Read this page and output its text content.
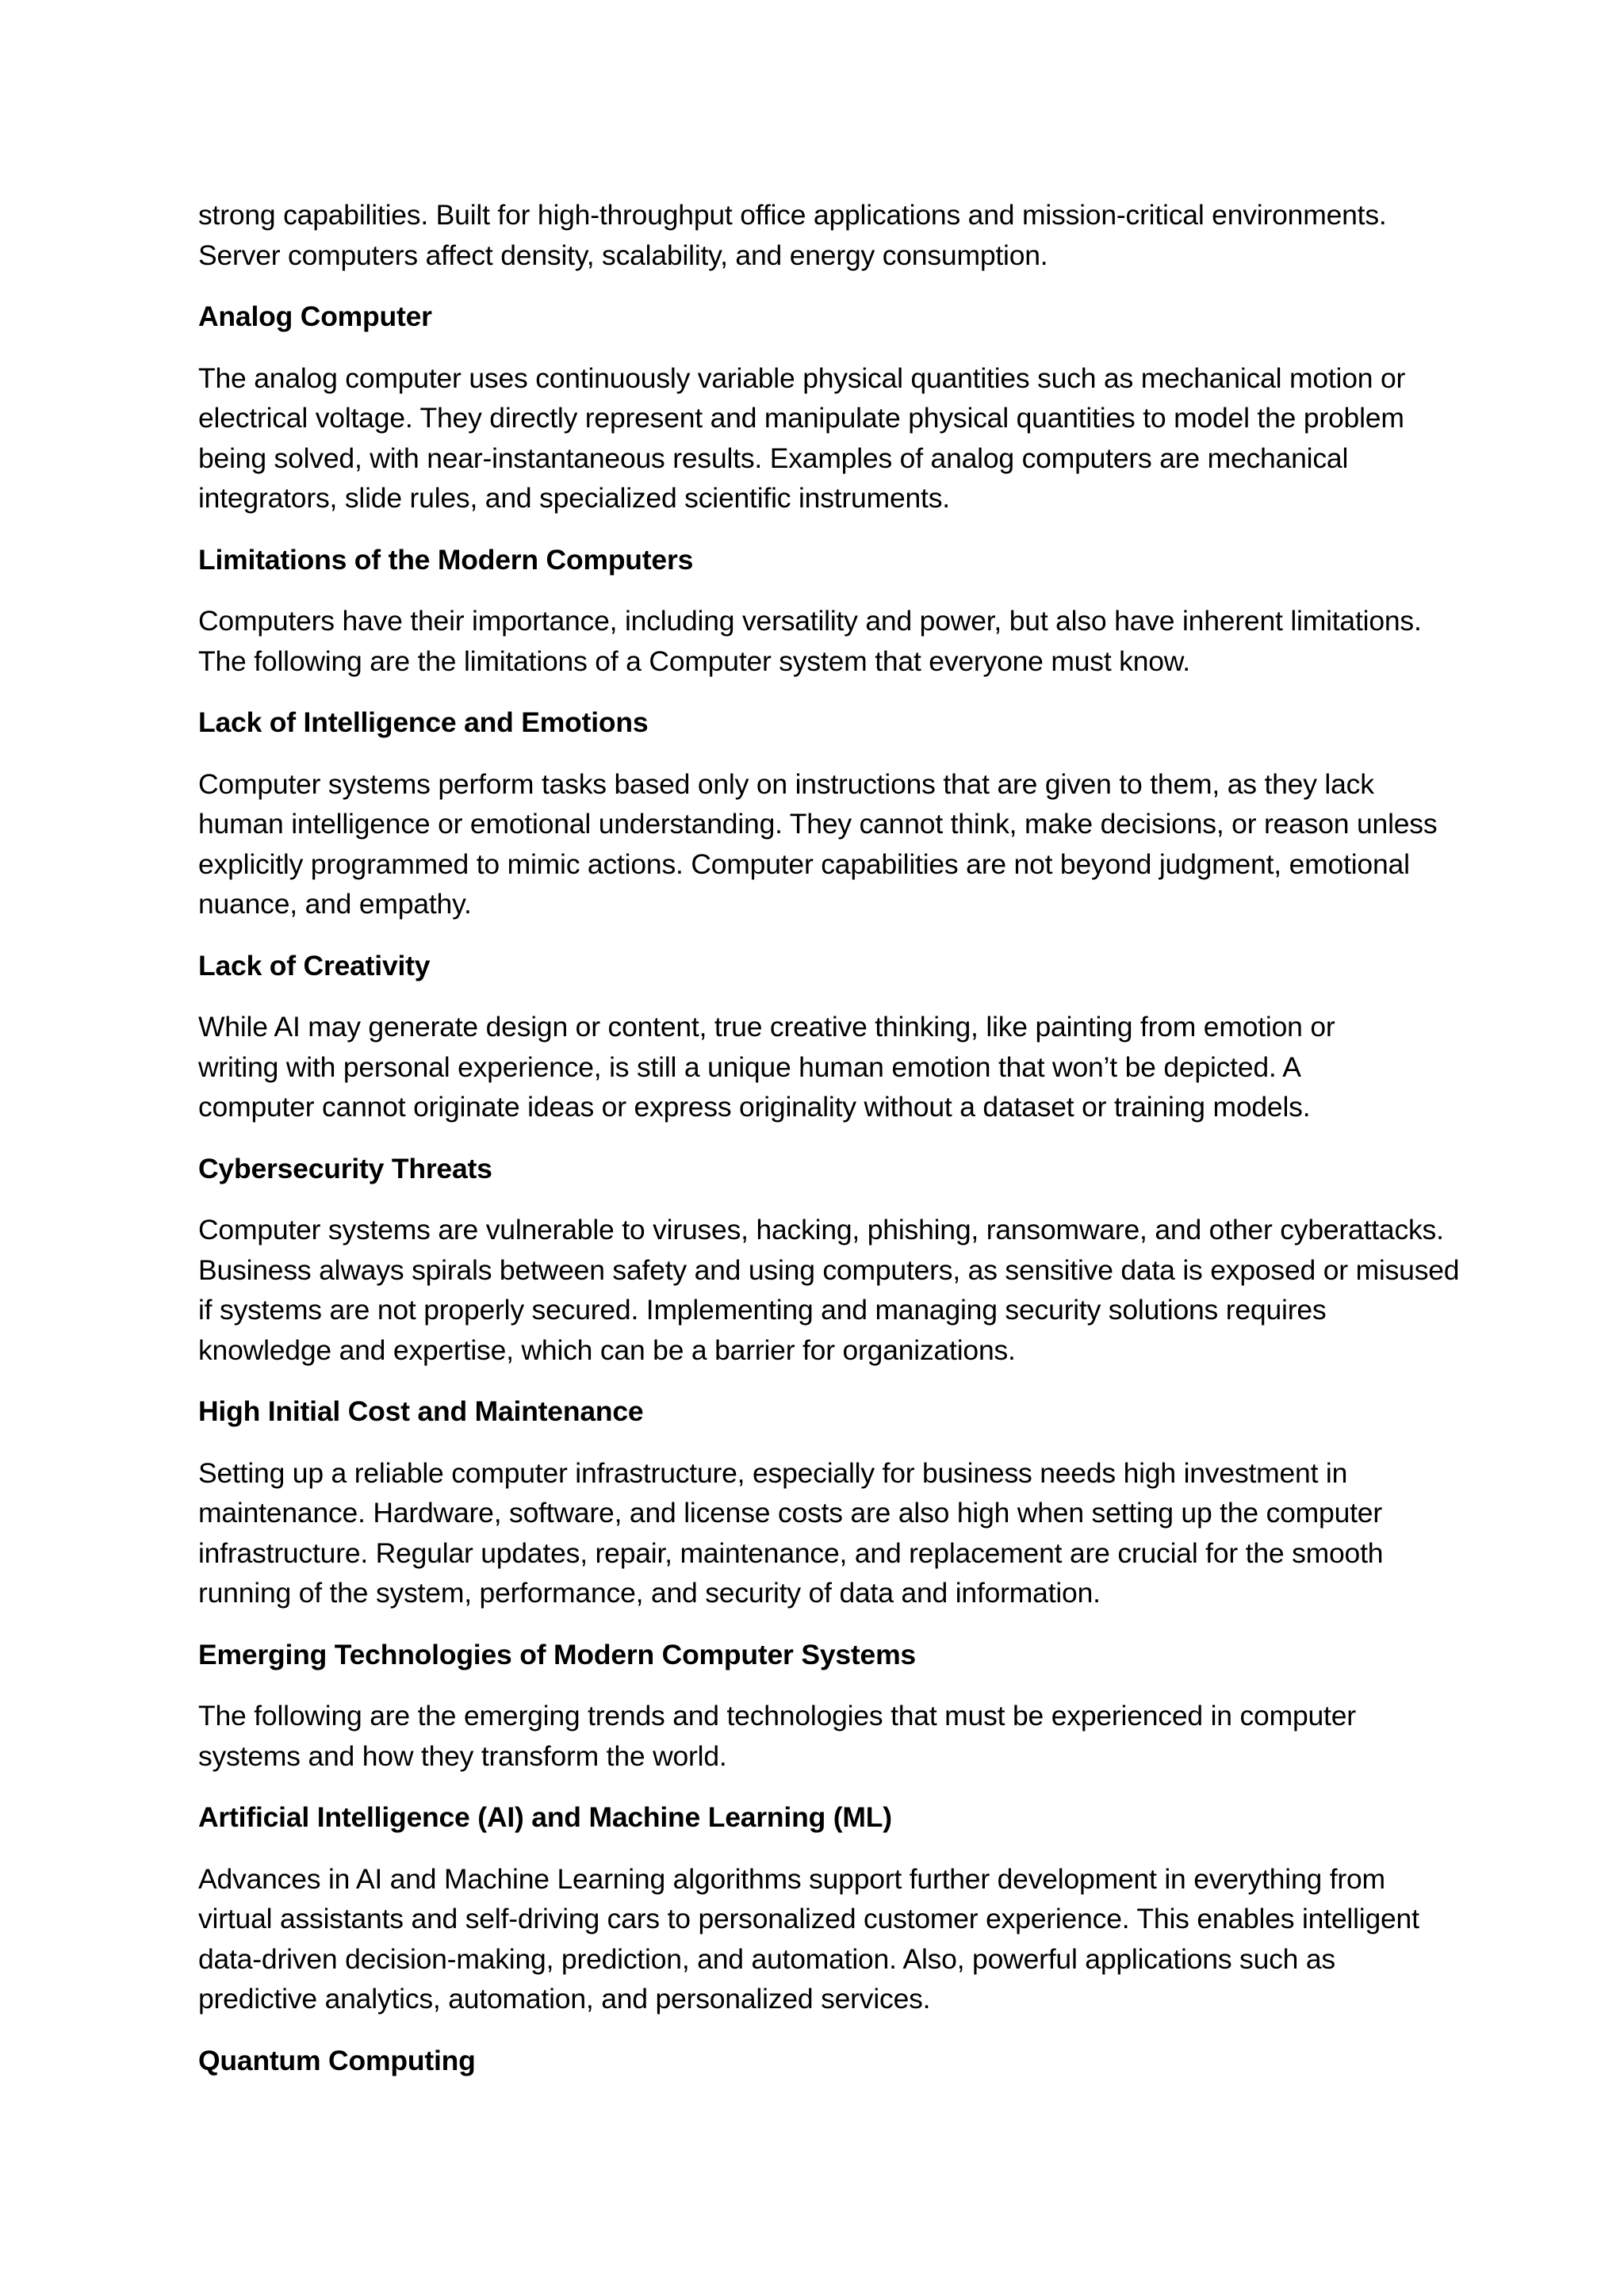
strong capabilities. Built for high-throughput office applications and mission-critical environments.
Server computers affect density, scalability, and energy consumption.
Analog Computer
The analog computer uses continuously variable physical quantities such as mechanical motion or
electrical voltage. They directly represent and manipulate physical quantities to model the problem
being solved, with near-instantaneous results. Examples of analog computers are mechanical
integrators, slide rules, and specialized scientific instruments.
Limitations of the Modern Computers
Computers have their importance, including versatility and power, but also have inherent limitations.
The following are the limitations of a Computer system that everyone must know.
Lack of Intelligence and Emotions
Computer systems perform tasks based only on instructions that are given to them, as they lack
human intelligence or emotional understanding. They cannot think, make decisions, or reason unless
explicitly programmed to mimic actions. Computer capabilities are not beyond judgment, emotional
nuance, and empathy.
Lack of Creativity
While AI may generate design or content, true creative thinking, like painting from emotion or
writing with personal experience, is still a unique human emotion that won’t be depicted. A
computer cannot originate ideas or express originality without a dataset or training models.
Cybersecurity Threats
Computer systems are vulnerable to viruses, hacking, phishing, ransomware, and other cyberattacks.
Business always spirals between safety and using computers, as sensitive data is exposed or misused
if systems are not properly secured. Implementing and managing security solutions requires
knowledge and expertise, which can be a barrier for organizations.
High Initial Cost and Maintenance
Setting up a reliable computer infrastructure, especially for business needs high investment in
maintenance. Hardware, software, and license costs are also high when setting up the computer
infrastructure. Regular updates, repair, maintenance, and replacement are crucial for the smooth
running of the system, performance, and security of data and information.
Emerging Technologies of Modern Computer Systems
The following are the emerging trends and technologies that must be experienced in computer
systems and how they transform the world.
Artificial Intelligence (AI) and Machine Learning (ML)
Advances in AI and Machine Learning algorithms support further development in everything from
virtual assistants and self-driving cars to personalized customer experience. This enables intelligent
data-driven decision-making, prediction, and automation. Also, powerful applications such as
predictive analytics, automation, and personalized services.
Quantum Computing
